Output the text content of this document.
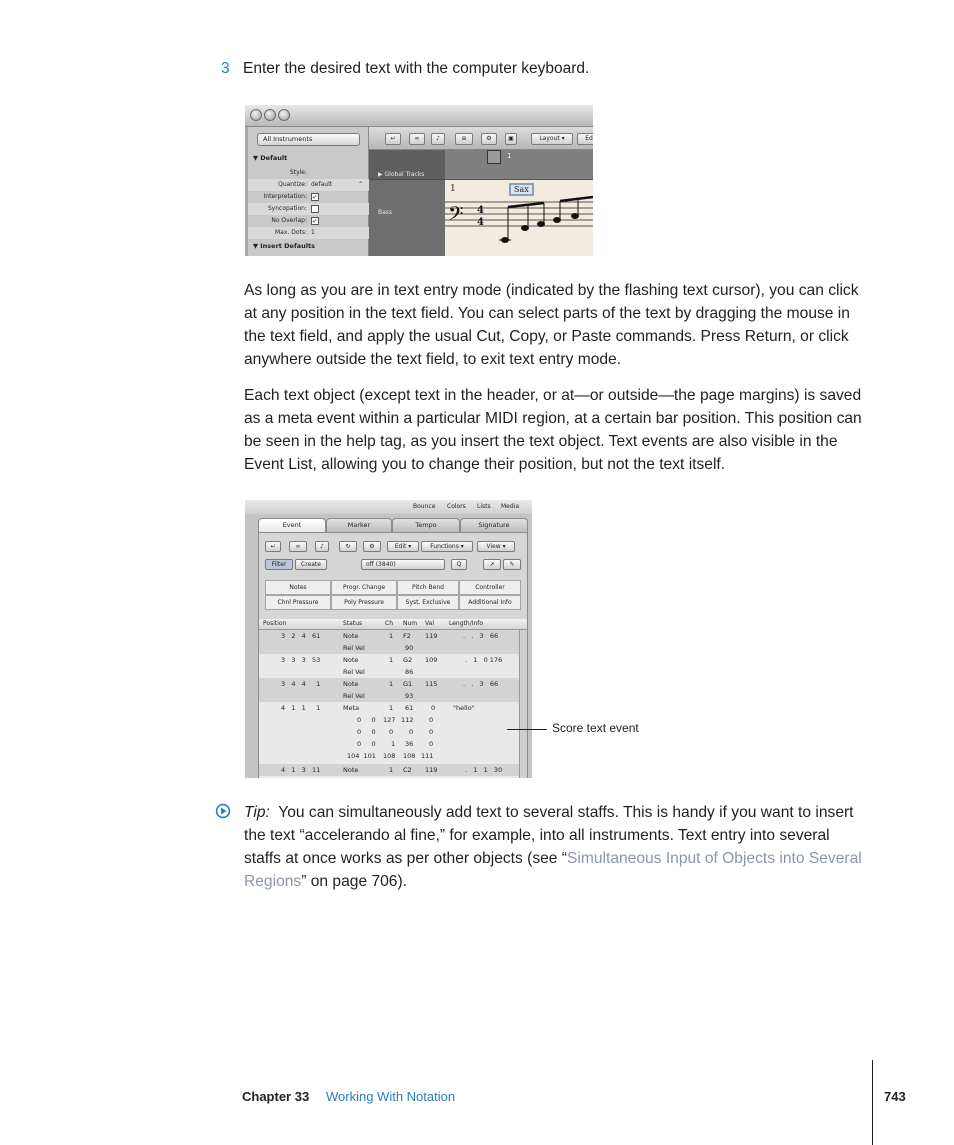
3 Enter the desired text with the computer keyboard.
All Instruments
▼ Default
Style:
Quantize: default	⌃
Interpretation: ✓
Syncopation:
No Overlap: ✓
Max. Dots: 1
▼ Insert Defaults
↵	∞	♪	⊖	⚙	▣	Layout ▾	Ed
▶ Global Tracks
Bass
1
1	Sax
𝄢 4
4

As long as you are in text entry mode (indicated by the flashing text cursor), you can click at any position in the text field. You can select parts of the text by dragging the mouse in the text field, and apply the usual Cut, Copy, or Paste commands. Press Return, or click anywhere outside the text field, to exit text entry mode.

Each text object (except text in the header, or at—or outside—the page margins) is saved as a meta event within a particular MIDI region, at a certain bar position. This position can be seen in the help tag, as you insert the text object. Text events are also visible in the Event List, allowing you to change their position, but not the text itself.

Bounce Colors Lists Media
Event	Marker	Tempo	Signature
↵	∞	♪	↻	⚙	Edit ▾	Functions ▾	View ▾
Filter	Create	off (3840)	Q	➚	✎
Notes	Progr. Change	Pitch Bend	Controller
Chnl Pressure	Poly Pressure	Syst. Exclusive	Additional Info
Position	Status	Ch Num Val	Length/Info
3   2   4   61	Note	1 F2 119	.   .   3   66
Rel Vel	90
3   3   3   53	Note	1 G2 109	.   1   0 176
Rel Vel	86
3   4   4     1	Note	1 G1 115	.   .   3   66
Rel Vel	93
4   1   1     1	Meta	1 61	0	"hello"
0     0 127 112 0
0     0 0 0 0
0     0 1 36 0
104  101 108 108 111
4   1   3   11	Note	1 C2 119	.   1   1   30
Score text event

Tip: You can simultaneously add text to several staffs. This is handy if you want to insert the text “accelerando al fine,” for example, into all instruments. Text entry into several staffs at once works as per other objects (see “Simultaneous Input of Objects into Several Regions” on page 706).

Chapter 33 Working With Notation	743
